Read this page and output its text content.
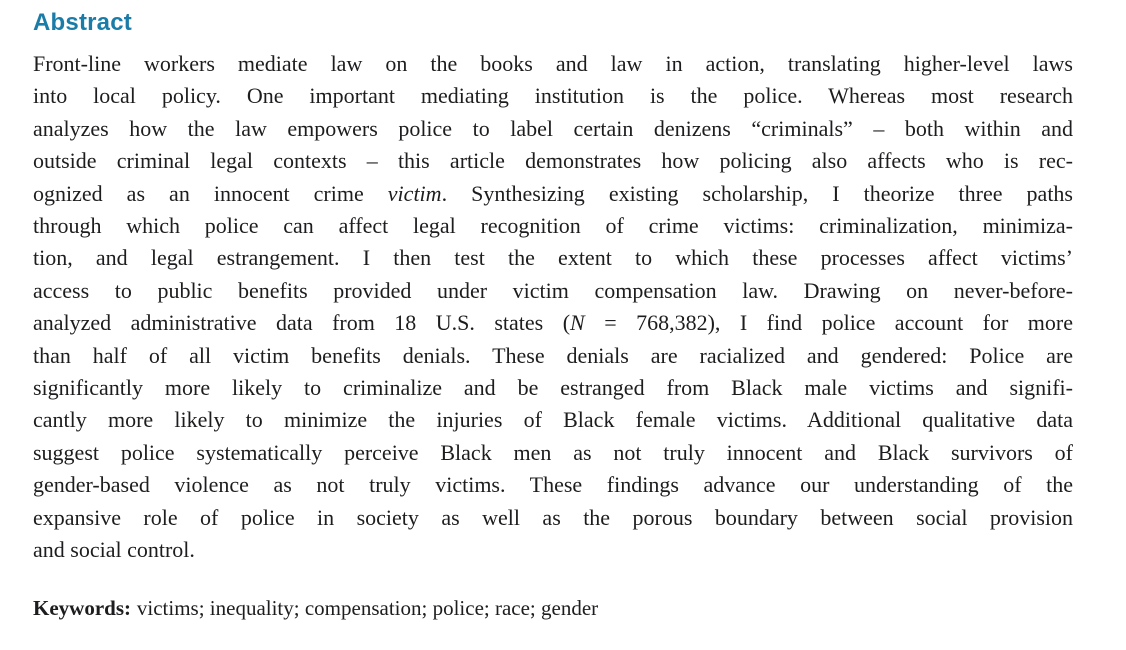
Abstract
Front-line workers mediate law on the books and law in action, translating higher-level laws
into local policy. One important mediating institution is the police. Whereas most research
analyzes how the law empowers police to label certain denizens “criminals” – both within and
outside criminal legal contexts – this article demonstrates how policing also affects who is rec-
ognized as an innocent crime victim. Synthesizing existing scholarship, I theorize three paths
through which police can affect legal recognition of crime victims: criminalization, minimiza-
tion, and legal estrangement. I then test the extent to which these processes affect victims’
access to public benefits provided under victim compensation law. Drawing on never-before-
analyzed administrative data from 18 U.S. states (N = 768,382), I find police account for more
than half of all victim benefits denials. These denials are racialized and gendered: Police are
significantly more likely to criminalize and be estranged from Black male victims and signifi-
cantly more likely to minimize the injuries of Black female victims. Additional qualitative data
suggest police systematically perceive Black men as not truly innocent and Black survivors of
gender-based violence as not truly victims. These findings advance our understanding of the
expansive role of police in society as well as the porous boundary between social provision
and social control.

Keywords: victims; inequality; compensation; police; race; gender
